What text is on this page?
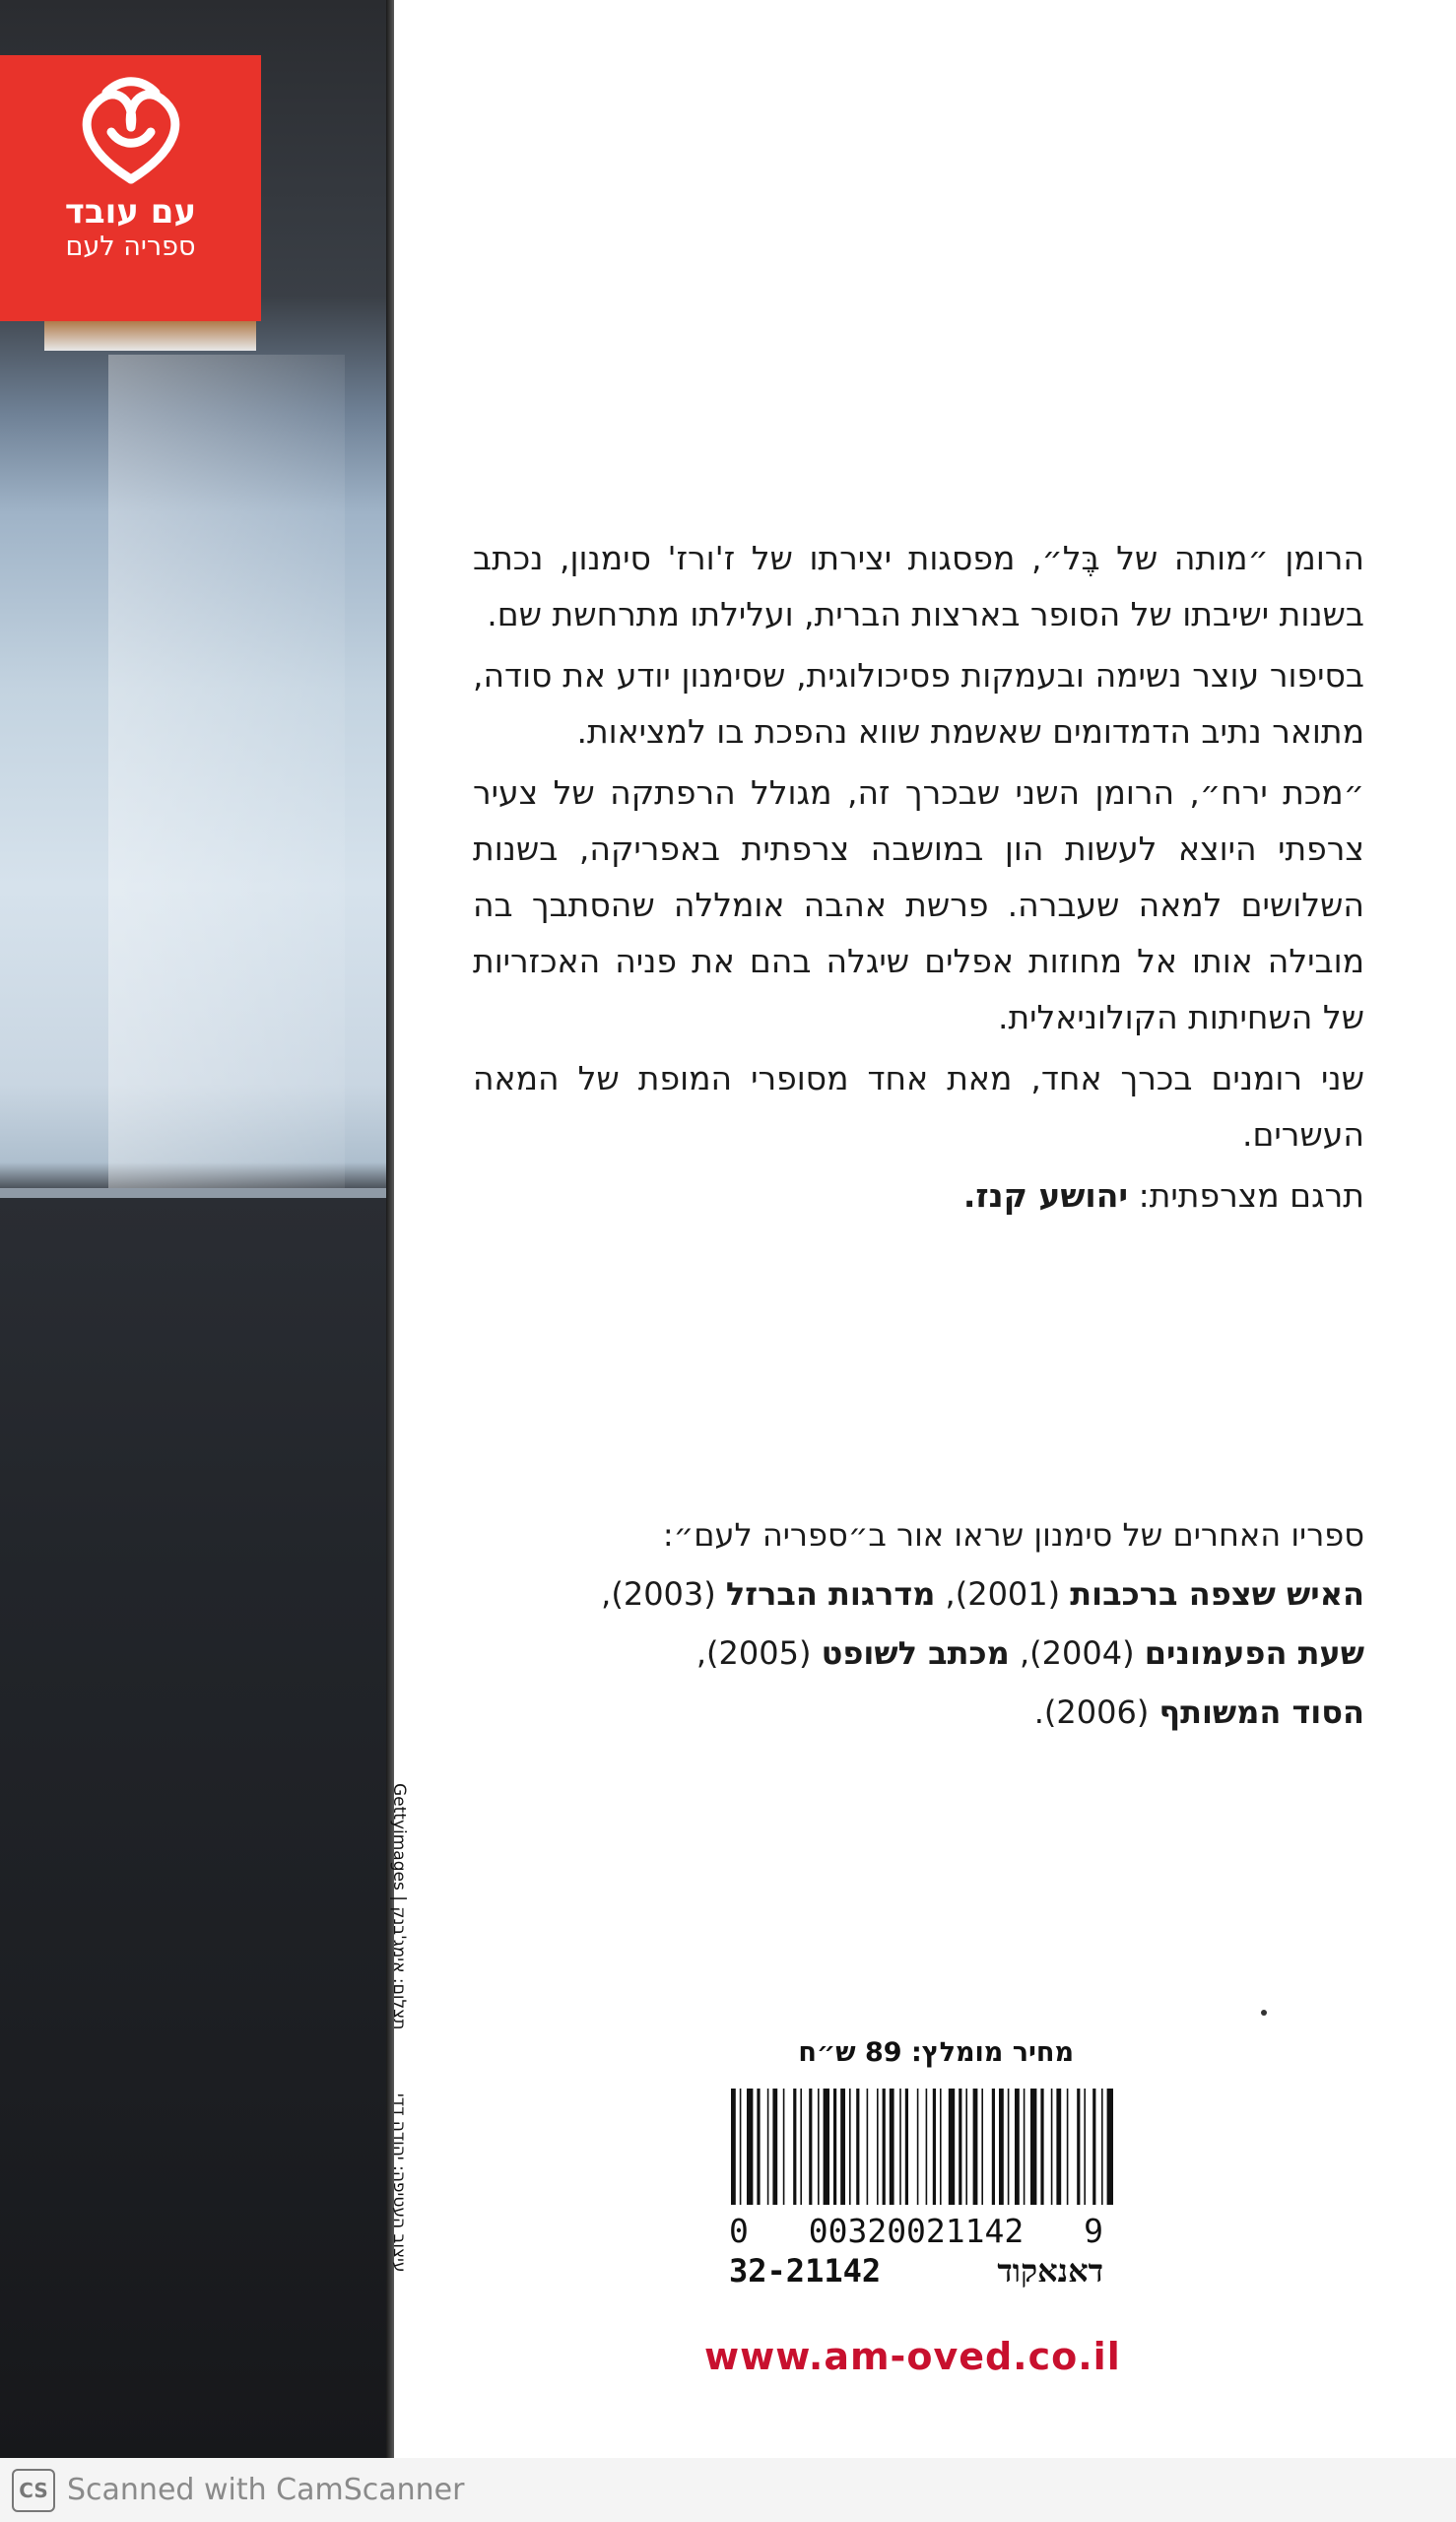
עם עובד
ספריה לעם
תצלום: אימג'בנק | Gettyimages
עיצוב העטיפה: יהודה דדי

הרומן ״מותה של בֶּל״, מפסגות יצירתו של ז'ורז' סימנון, נכתב בשנות ישיבתו של הסופר בארצות הברית, ועלילתו מתרחשת שם.

בסיפור עוצר נשימה ובעמקות פסיכולוגית, שסימנון יודע את סודה, מתואר נתיב הדמדומים שאשמת שווא נהפכת בו למציאות.

״מכת ירח״, הרומן השני שבכרך זה, מגולל הרפתקה של צעיר צרפתי היוצא לעשות הון במושבה צרפתית באפריקה, בשנות השלושים למאה שעברה. פרשת אהבה אומללה שהסתבך בה מובילה אותו אל מחוזות אפלים שיגלה בהם את פניה האכזריות של השחיתות הקולוניאלית.

שני רומנים בכרך אחד, מאת אחד מסופרי המופת של המאה העשרים.

תרגם מצרפתית: יהושע קנז.

ספריו האחרים של סימנון שראו אור ב״ספריה לעם״:
האיש שצפה ברכבות (2001), מדרגות הברזל (2003),
שעת הפעמונים (2004), מכתב לשופט (2005),
הסוד המשותף (2006).
מחיר מומלץ: 89 ש״ח
0 00320021142 9
32-21142	דאנאקוד
www.am-oved.co.il
CS Scanned with CamScanner
